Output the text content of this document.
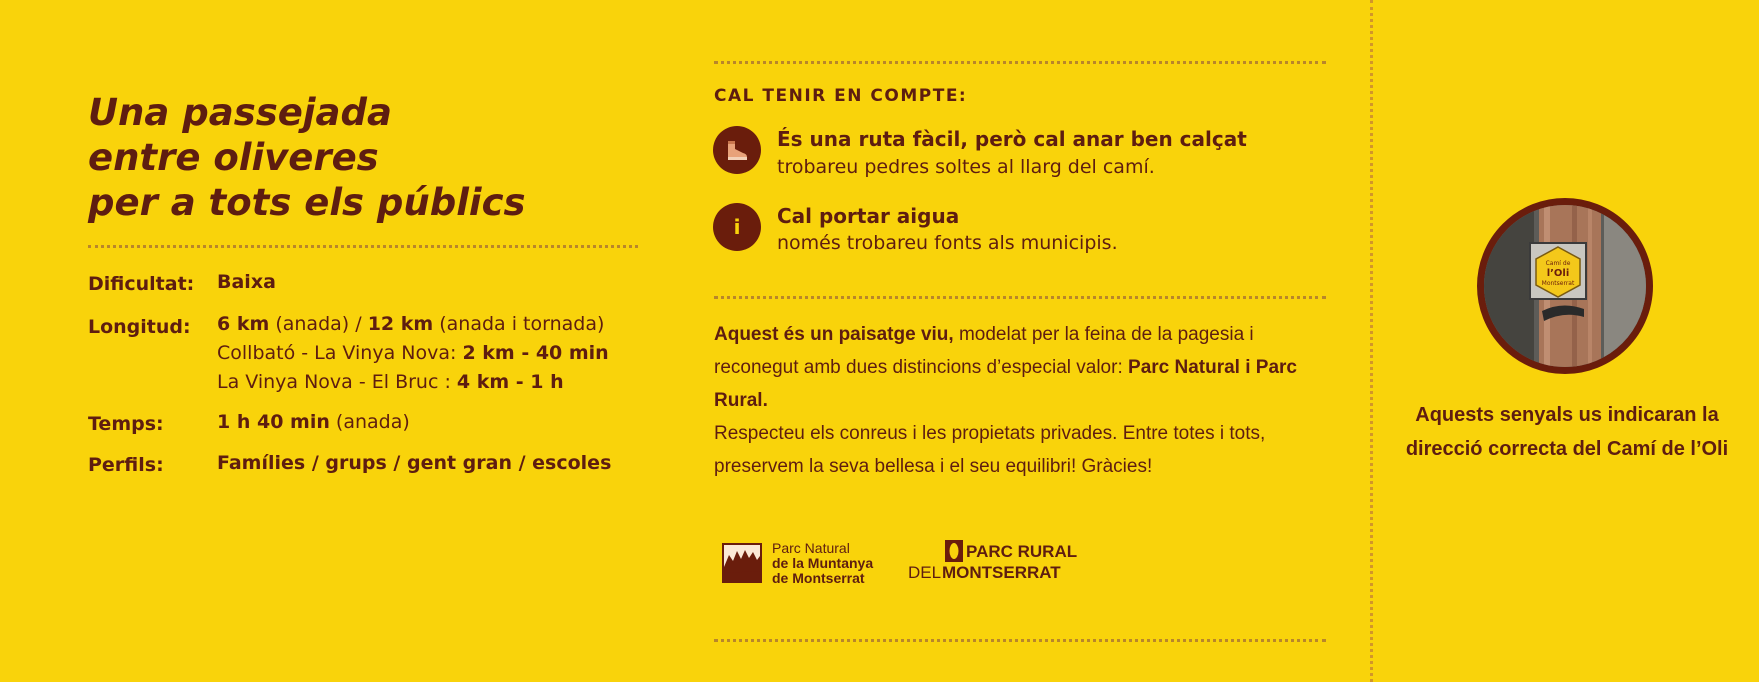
Una passejada
entre oliveres
per a tots els públics
Dificultat: Baixa
Longitud: 6 km (anada) / 12 km (anada i tornada)
Collbató - La Vinya Nova: 2 km - 40 min
La Vinya Nova - El Bruc : 4 km - 1 h
Temps:	1 h 40 min (anada)
Perfils:	Famílies / grups / gent gran / escoles
CAL TENIR EN COMPTE:
És una ruta fàcil, però cal anar ben calçat
trobareu pedres soltes al llarg del camí.
i Cal portar aigua
només trobareu fonts als municipis.

Aquest és un paisatge viu, modelat per la feina de la pagesia i reconegut amb dues distincions d’especial valor: Parc Natural i Parc Rural.

Respecteu els conreus i les propietats privades. Entre totes i tots, preservem la seva bellesa i el seu equilibri! Gràcies!

Parc Natural
de la Muntanya
de Montserrat
PARC RURAL
DEL MONTSERRAT
Camí de
l’Oli
Montserrat
Aquests senyals us indicaran la direcció correcta del Camí de l’Oli
